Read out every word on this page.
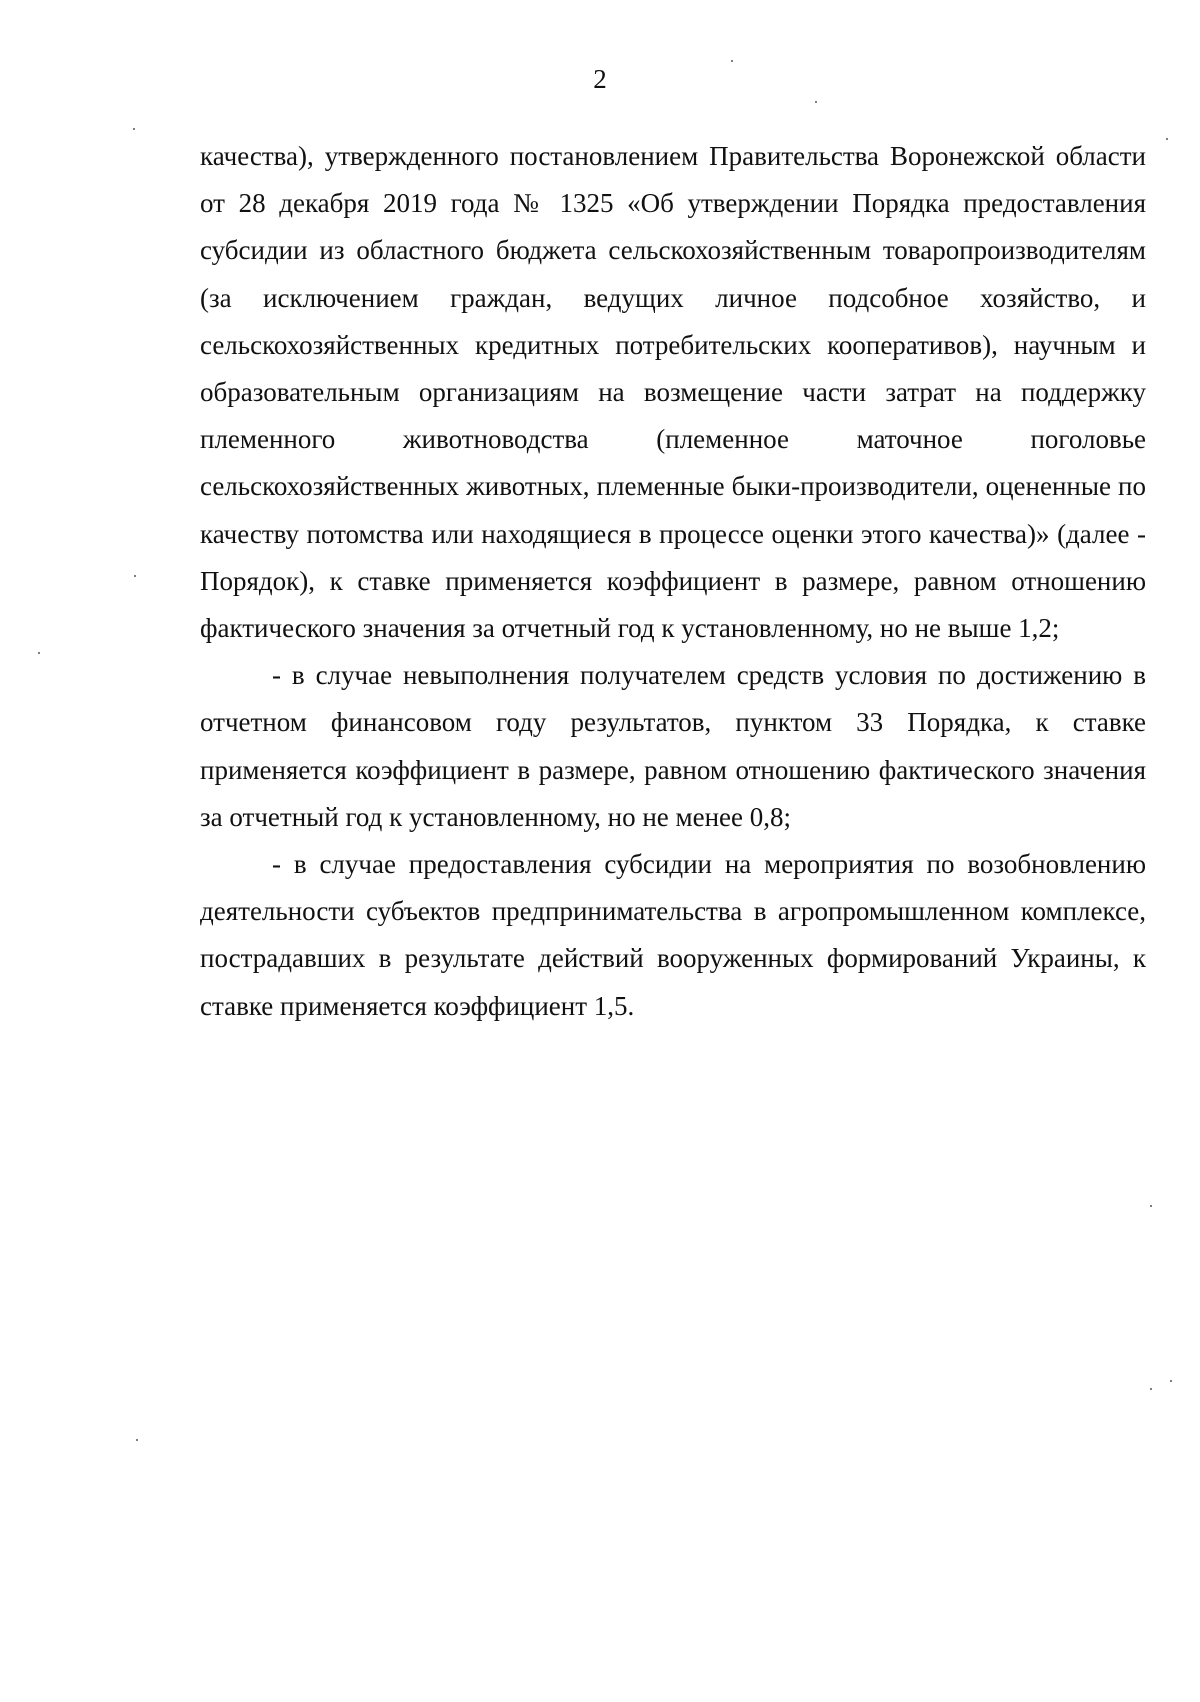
2

качества), утвержденного постановлением Правительства Воронежской области от 28 декабря 2019 года № 1325 «Об утверждении Порядка предоставления субсидии из областного бюджета сельскохозяйственным товаропроизводителям (за исключением граждан, ведущих личное подсобное хозяйство, и сельскохозяйственных кредитных потребительских кооперативов), научным и образовательным организациям на возмещение части затрат на поддержку племенного животноводства (племенное маточное поголовье сельскохозяйственных животных, племенные быки-производители, оцененные по качеству потомства или находящиеся в процессе оценки этого качества)» (далее - Порядок), к ставке применяется коэффициент в размере, равном отношению фактического значения за отчетный год к установленному, но не выше 1,2;

- в случае невыполнения получателем средств условия по достижению в отчетном финансовом году результатов, пунктом 33 Порядка, к ставке применяется коэффициент в размере, равном отношению фактического значения за отчетный год к установленному, но не менее 0,8;

- в случае предоставления субсидии на мероприятия по возобновлению деятельности субъектов предпринимательства в агропромышленном комплексе, пострадавших в результате действий вооруженных формирований Украины, к ставке применяется коэффициент 1,5.
